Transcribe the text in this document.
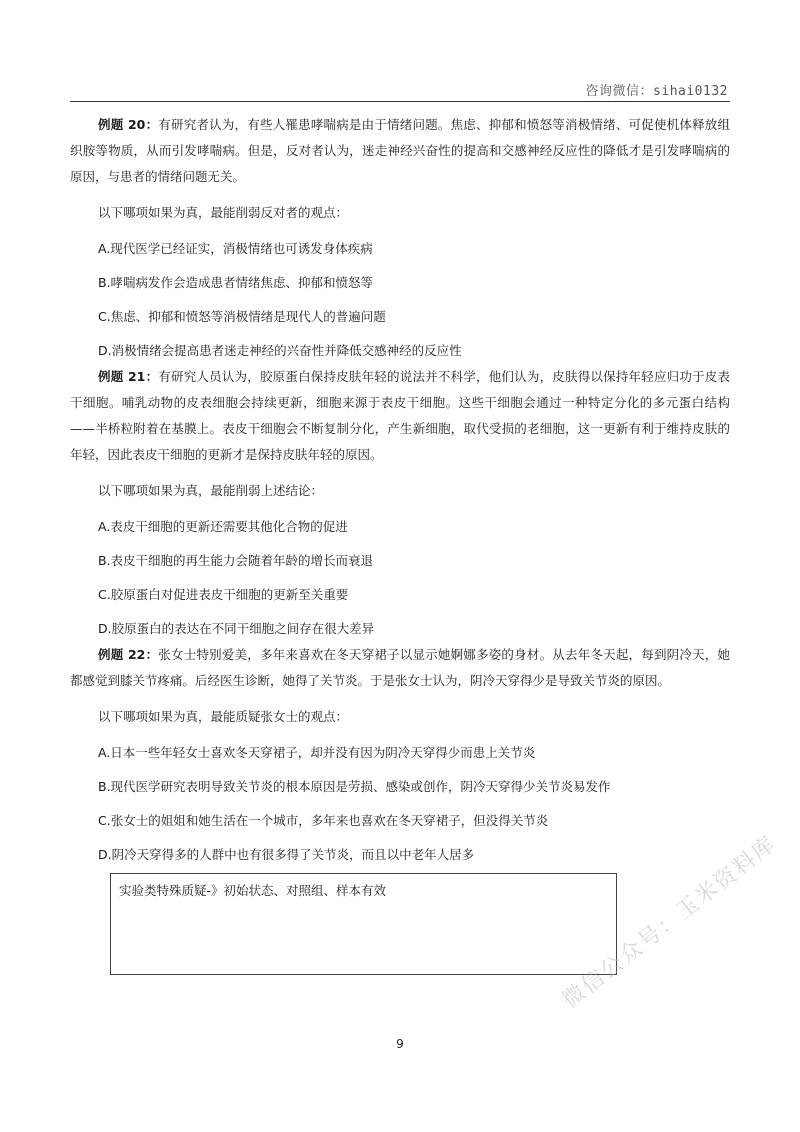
咨询微信：sihai0132

例题 20：有研究者认为，有些人罹患哮喘病是由于情绪问题。焦虑、抑郁和愤怒等消极情绪、可促使机体释放组织胺等物质，从而引发哮喘病。但是，反对者认为，迷走神经兴奋性的提高和交感神经反应性的降低才是引发哮喘病的原因，与患者的情绪问题无关。

以下哪项如果为真，最能削弱反对者的观点：

A.现代医学已经证实，消极情绪也可诱发身体疾病

B.哮喘病发作会造成患者情绪焦虑、抑郁和愤怒等

C.焦虑、抑郁和愤怒等消极情绪是现代人的普遍问题

D.消极情绪会提高患者迷走神经的兴奋性并降低交感神经的反应性

例题 21：有研究人员认为，胶原蛋白保持皮肤年轻的说法并不科学，他们认为，皮肤得以保持年轻应归功于皮表干细胞。哺乳动物的皮表细胞会持续更新，细胞来源于表皮干细胞。这些干细胞会通过一种特定分化的多元蛋白结构——半桥粒附着在基膜上。表皮干细胞会不断复制分化，产生新细胞，取代受损的老细胞，这一更新有利于维持皮肤的年轻，因此表皮干细胞的更新才是保持皮肤年轻的原因。

以下哪项如果为真，最能削弱上述结论：

A.表皮干细胞的更新还需要其他化合物的促进

B.表皮干细胞的再生能力会随着年龄的增长而衰退

C.胶原蛋白对促进表皮干细胞的更新至关重要

D.胶原蛋白的表达在不同干细胞之间存在很大差异

例题 22：张女士特别爱美，多年来喜欢在冬天穿裙子以显示她婀娜多姿的身材。从去年冬天起，每到阴冷天，她都感觉到膝关节疼痛。后经医生诊断，她得了关节炎。于是张女士认为，阴冷天穿得少是导致关节炎的原因。

以下哪项如果为真，最能质疑张女士的观点：

A.日本一些年轻女士喜欢冬天穿裙子，却并没有因为阴冷天穿得少而患上关节炎

B.现代医学研究表明导致关节炎的根本原因是劳损、感染或创作，阴冷天穿得少关节炎易发作

C.张女士的姐姐和她生活在一个城市，多年来也喜欢在冬天穿裙子，但没得关节炎

D.阴冷天穿得多的人群中也有很多得了关节炎，而且以中老年人居多

实验类特殊质疑-》初始状态、对照组、样本有效
9
微信公众号：玉米资料库
